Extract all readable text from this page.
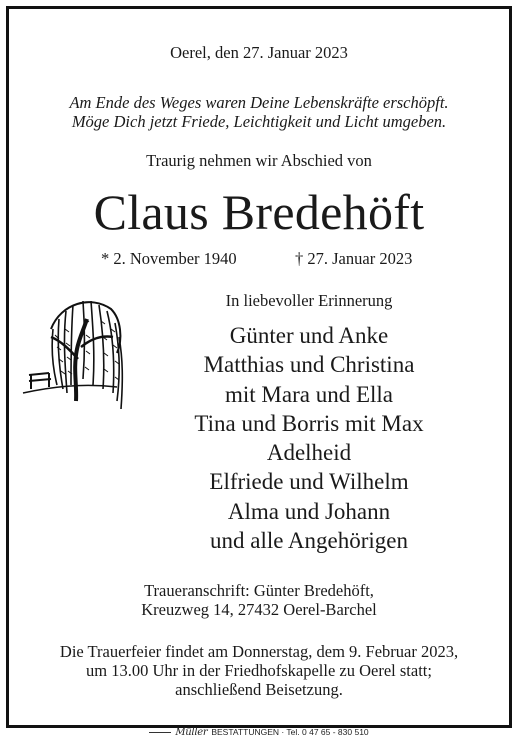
Oerel, den 27. Januar 2023

Am Ende des Weges waren Deine Lebenskräfte erschöpft.
Möge Dich jetzt Friede, Leichtigkeit und Licht umgeben.

Traurig nehmen wir Abschied von

Claus Bredehöft
* 2. November 1940	† 27. Januar 2023

In liebevoller Erinnerung

Günter und Anke
Matthias und Christina
mit Mara und Ella
Tina und Borris mit Max
Adelheid
Elfriede und Wilhelm
Alma und Johann
und alle Angehörigen
Traueranschrift: Günter Bredehöft,
Kreuzweg 14, 27432 Oerel-Barchel
Die Trauerfeier findet am Donnerstag, dem 9. Februar 2023,
um 13.00 Uhr in der Friedhofskapelle zu Oerel statt;
anschließend Beisetzung.
Müller BESTATTUNGEN · Tel. 0 47 65 - 830 510
